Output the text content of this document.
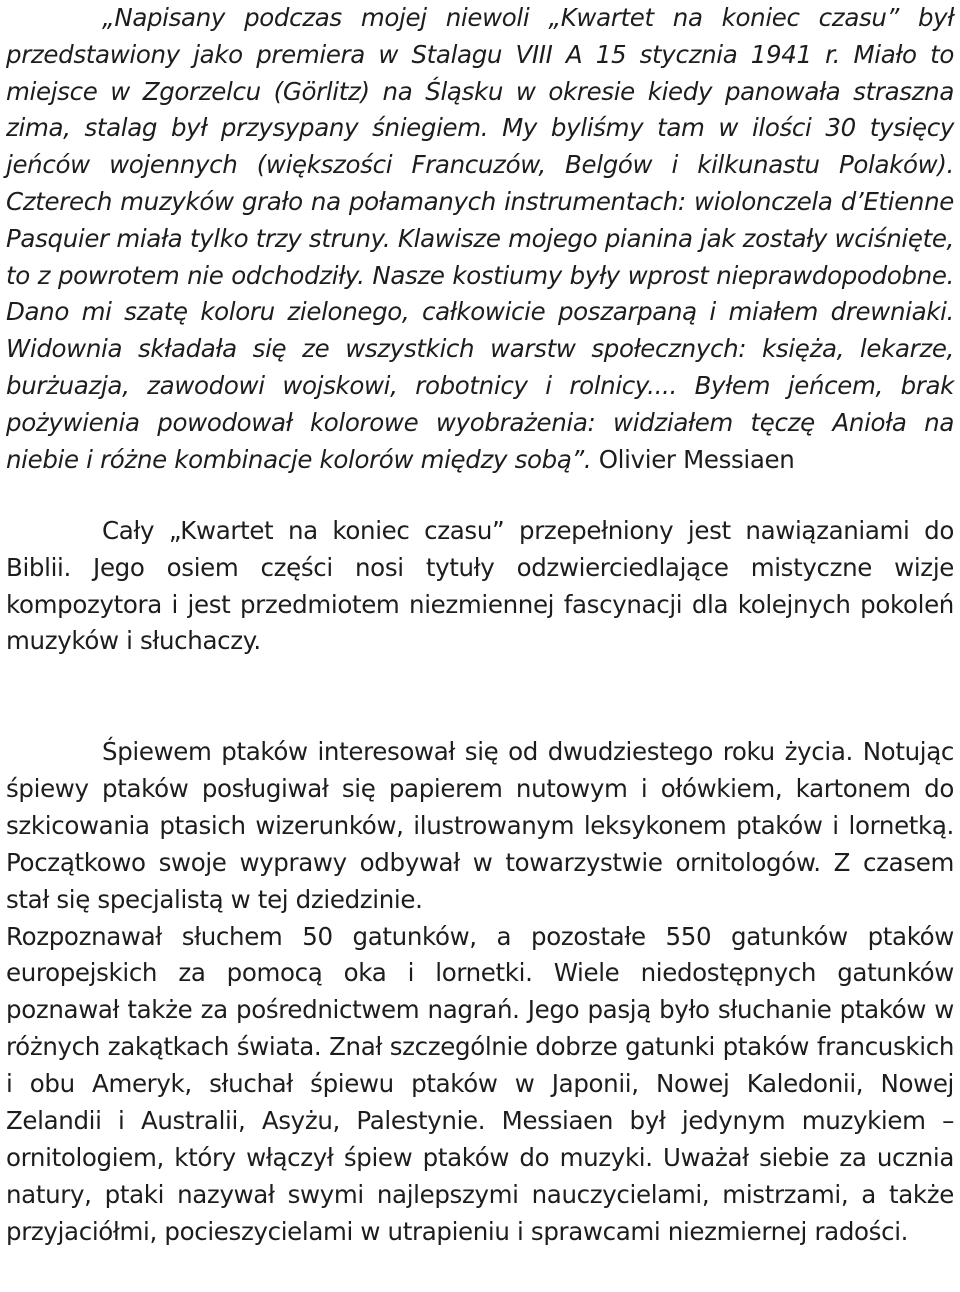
„Napisany podczas mojej niewoli „Kwartet na koniec czasu” był przedstawiony jako premiera w Stalagu VIII A 15 stycznia 1941 r. Miało to miejsce w Zgorzelcu (Görlitz) na Śląsku w okresie kiedy panowała straszna zima, stalag był przysypany śniegiem. My byliśmy tam w ilości 30 tysięcy jeńców wojennych (większości Francuzów, Belgów i kilkunastu Polaków). Czterech muzyków grało na połamanych instrumentach: wiolonczela d’Etienne Pasquier miała tylko trzy struny. Klawisze mojego pianina jak zostały wciśnięte, to z powrotem nie odchodziły. Nasze kostiumy były wprost nieprawdopodobne. Dano mi szatę koloru zielonego, całkowicie poszarpaną i miałem drewniaki. Widownia składała się ze wszystkich warstw społecznych: księża, lekarze, burżuazja, zawodowi wojskowi, robotnicy i rolnicy.... Byłem jeńcem, brak pożywienia powodował kolorowe wyobrażenia: widziałem tęczę Anioła na niebie i różne kombinacje kolorów między sobą”. Olivier Messiaen

Cały „Kwartet na koniec czasu” przepełniony jest nawiązaniami do Biblii. Jego osiem części nosi tytuły odzwierciedlające mistyczne wizje kompozytora i jest przedmiotem niezmiennej fascynacji dla kolejnych pokoleń muzyków i słuchaczy.

Śpiewem ptaków interesował się od dwudziestego roku życia. Notując śpiewy ptaków posługiwał się papierem nutowym i ołówkiem, kartonem do szkicowania ptasich wizerunków, ilustrowanym leksykonem ptaków i lornetką. Początkowo swoje wyprawy odbywał w towarzystwie ornitologów. Z czasem stał się specjalistą w tej dziedzinie.
Rozpoznawał słuchem 50 gatunków, a pozostałe 550 gatunków ptaków europejskich za pomocą oka i lornetki. Wiele niedostępnych gatunków poznawał także za pośrednictwem nagrań. Jego pasją było słuchanie ptaków w różnych zakątkach świata. Znał szczególnie dobrze gatunki ptaków francuskich i obu Ameryk, słuchał śpiewu ptaków w Japonii, Nowej Kaledonii, Nowej Zelandii i Australii, Asyżu, Palestynie. Messiaen był jedynym muzykiem – ornitologiem, który włączył śpiew ptaków do muzyki. Uważał siebie za ucznia natury, ptaki nazywał swymi najlepszymi nauczycielami, mistrzami, a także przyjaciółmi, pocieszycielami w utrapieniu i sprawcami niezmiernej radości.
